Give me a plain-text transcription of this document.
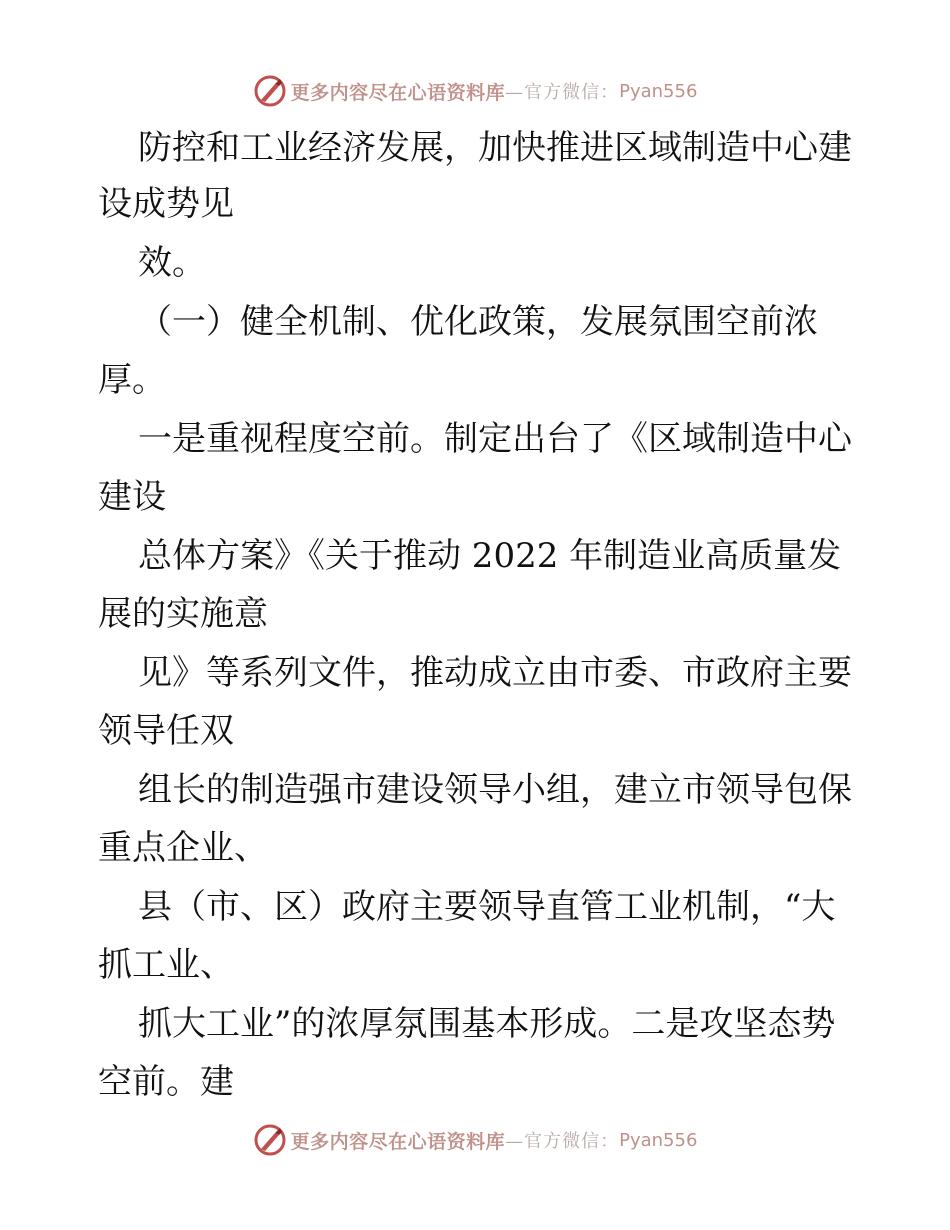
更多内容尽在心语资料库 —官方微信： Pyan556
防控和工业经济发展，加快推进区域制造中心建
设成势见
效。
（一）健全机制、优化政策，发展氛围空前浓
厚。
一是重视程度空前。制定出台了《区域制造中心
建设
总体方案》《关于推动 2022 年制造业高质量发
展的实施意
见》等系列文件，推动成立由市委、市政府主要
领导任双
组长的制造强市建设领导小组，建立市领导包保
重点企业、
县（市、区）政府主要领导直管工业机制，“大
抓工业、
抓大工业”的浓厚氛围基本形成。二是攻坚态势
空前。建
更多内容尽在心语资料库 —官方微信： Pyan556
